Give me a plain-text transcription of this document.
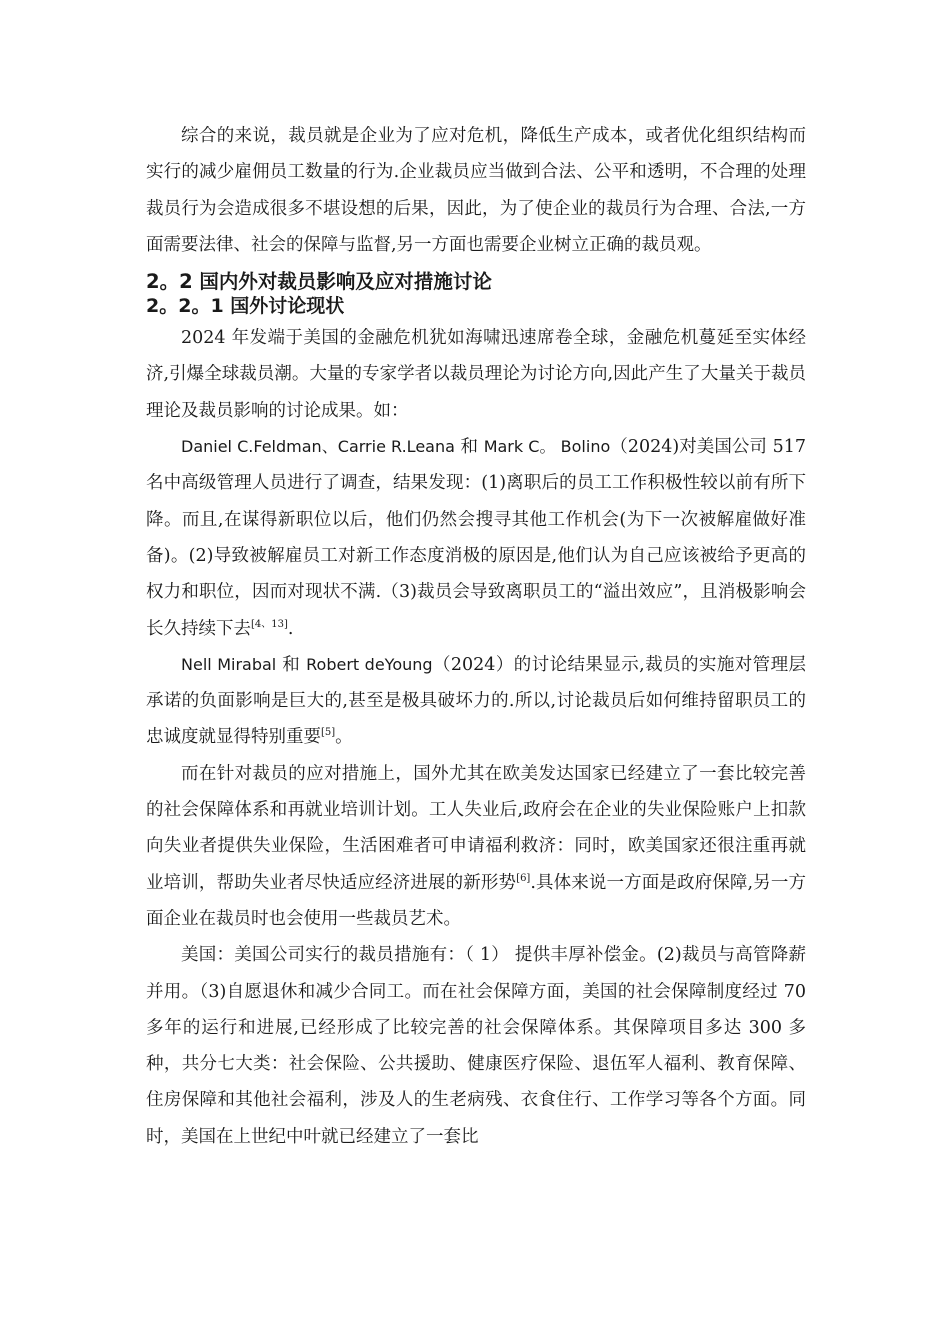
综合的来说，裁员就是企业为了应对危机，降低生产成本，或者优化组织结构而实行的减少雇佣员工数量的行为.企业裁员应当做到合法、公平和透明，不合理的处理裁员行为会造成很多不堪设想的后果，因此，为了使企业的裁员行为合理、合法,一方面需要法律、社会的保障与监督,另一方面也需要企业树立正确的裁员观。

2。2 国内外对裁员影响及应对措施讨论
2。2。1 国外讨论现状

2024 年发端于美国的金融危机犹如海啸迅速席卷全球，金融危机蔓延至实体经济,引爆全球裁员潮。大量的专家学者以裁员理论为讨论方向,因此产生了大量关于裁员理论及裁员影响的讨论成果。如：

Daniel C.Feldman、Carrie R.Leana 和 Mark C。 Bolino（2024)对美国公司 517 名中高级管理人员进行了调查，结果发现：(1)离职后的员工工作积极性较以前有所下降。而且,在谋得新职位以后，他们仍然会搜寻其他工作机会(为下一次被解雇做好准备)。(2)导致被解雇员工对新工作态度消极的原因是,他们认为自己应该被给予更高的权力和职位，因而对现状不满.（3)裁员会导致离职员工的“溢出效应”，且消极影响会长久持续下去[4、13].

Nell Mirabal 和 Robert deYoung（2024）的讨论结果显示,裁员的实施对管理层承诺的负面影响是巨大的,甚至是极具破坏力的.所以,讨论裁员后如何维持留职员工的忠诚度就显得特别重要[5]。

而在针对裁员的应对措施上，国外尤其在欧美发达国家已经建立了一套比较完善的社会保障体系和再就业培训计划。工人失业后,政府会在企业的失业保险账户上扣款向失业者提供失业保险，生活困难者可申请福利救济：同时，欧美国家还很注重再就业培训，帮助失业者尽快适应经济进展的新形势[6].具体来说一方面是政府保障,另一方面企业在裁员时也会使用一些裁员艺术。

美国：美国公司实行的裁员措施有：（ 1） 提供丰厚补偿金。(2)裁员与高管降薪并用。（3)自愿退休和减少合同工。而在社会保障方面，美国的社会保障制度经过 70 多年的运行和进展,已经形成了比较完善的社会保障体系。其保障项目多达 300 多种，共分七大类：社会保险、公共援助、健康医疗保险、退伍军人福利、教育保障、住房保障和其他社会福利，涉及人的生老病残、衣食住行、工作学习等各个方面。同时，美国在上世纪中叶就已经建立了一套比
